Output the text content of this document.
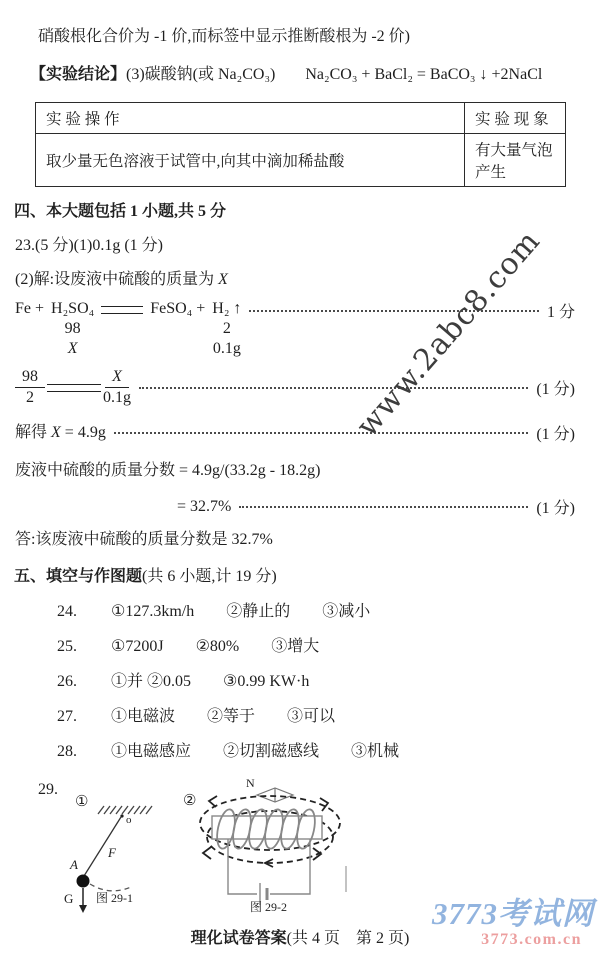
www.2abc8.com
硝酸根化合价为 -1 价,而标签中显示推断酸根为 -2 价)
【实验结论】 (3)碳酸钠(或 Na₂CO₃) Na₂CO₃ + BaCl₂ = BaCO₃ ↓ +2NaCl
实 验 操 作	实 验 现 象
取少量无色溶液于试管中,向其中滴加稀盐酸	有大量气泡产生
四、本大题包括 1 小题,共 5 分
23.(5 分)(1)0.1g (1 分)
(2)解:设废液中硫酸的质量为 X
Fe + H₂SO₄	FeSO₄ + H₂ ↑
98	2
X	0.1g
1 分
$\frac{98}{2}$	$\frac{X}{0.1g}$	(1 分)
解得 X = 4.9g	(1 分)
废液中硫酸的质量分数 = 4.9g/(33.2g - 18.2g)
= 32.7%	(1 分)
答:该废液中硫酸的质量分数是 32.7%
五、填空与作图题(共 6 小题,计 19 分)
24. ①127.3km/h ②静止的 ③减小
25. ①7200J ②80% ③增大
26. ①并 ②0.05 ③0.99 KW·h
27. ①电磁波 ②等于 ③可以
28. ①电磁感应 ②切割磁感线 ③机械
29.
①
o
F
A
G 图 29-1
②
N
图 29-2
理化试卷答案(共 4 页　第 2 页)
3773考试网
3773.com.cn
